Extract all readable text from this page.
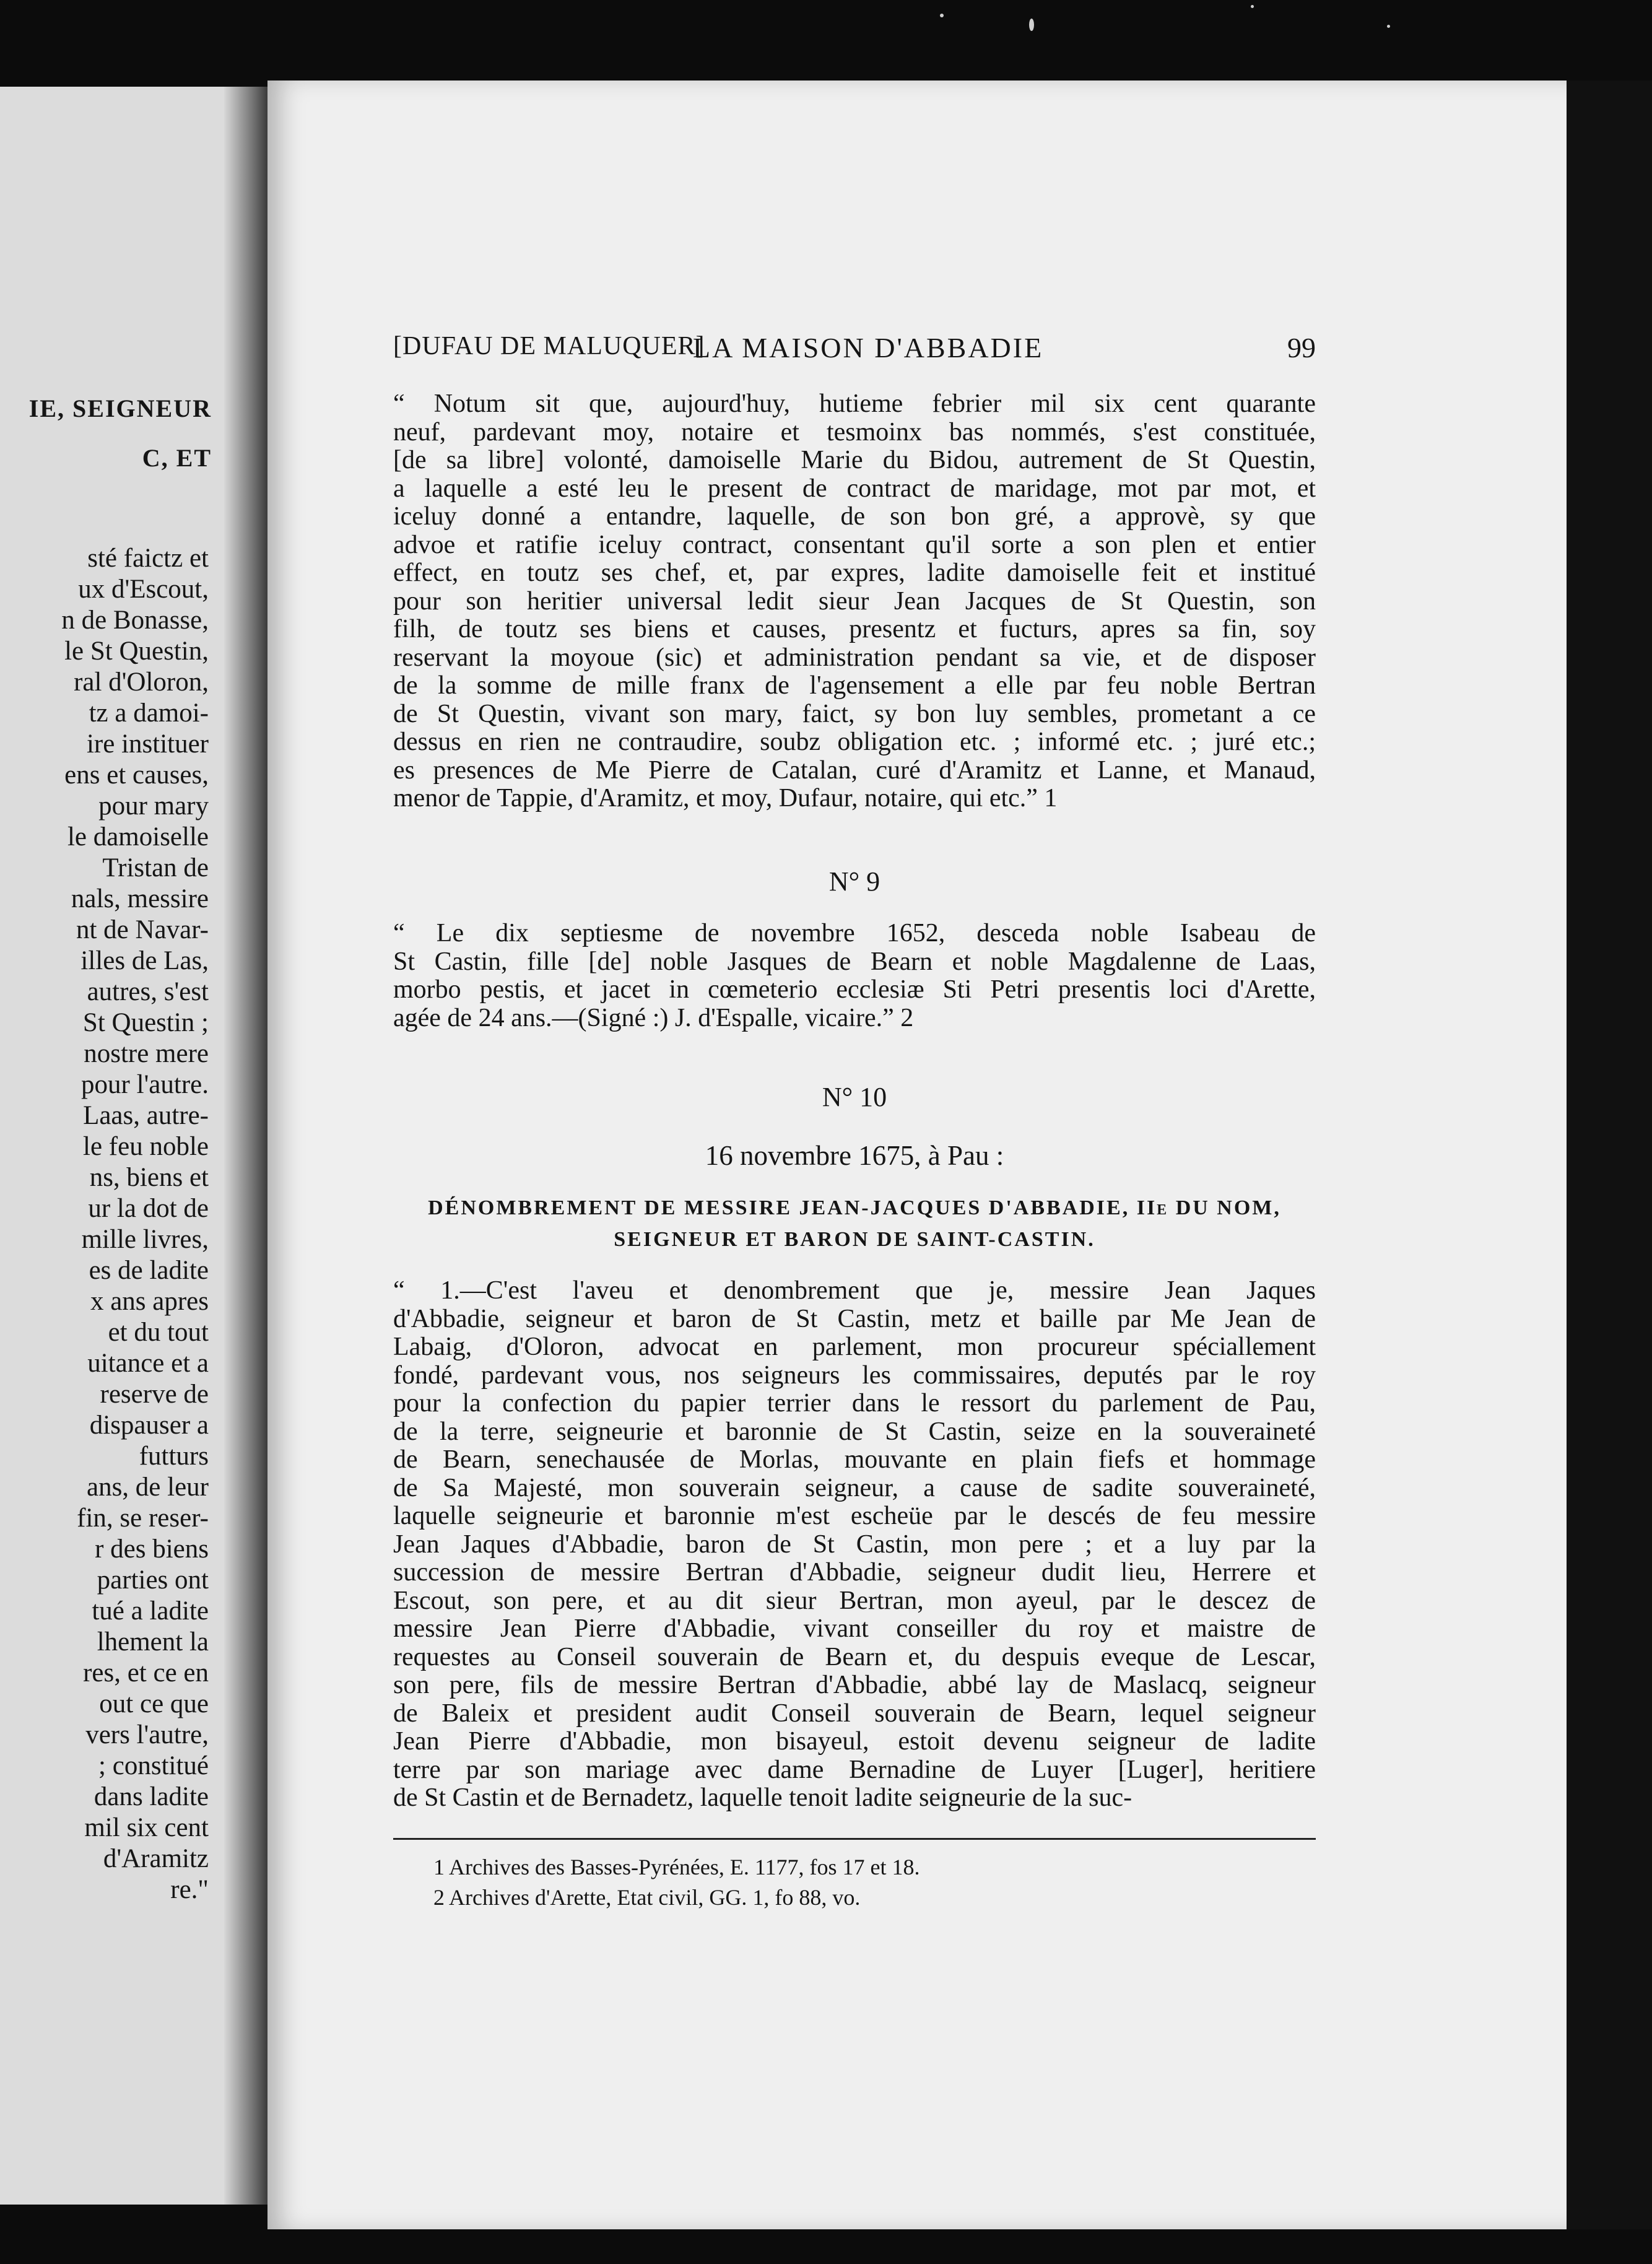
IE, SEIGNEUR
C, ET
sté faictz et
ux d'Escout,
n de Bonasse,
le St Questin,
ral d'Oloron,
tz a damoi-
ire instituer
ens et causes,
pour mary
le damoiselle
Tristan de
nals, messire
nt de Navar-
illes de Las,
autres, s'est
St Questin ;
nostre mere
pour l'autre.
Laas, autre-
le feu noble
ns, biens et
ur la dot de
mille livres,
es de ladite
x ans apres
et du tout
uitance et a
reserve de
dispauser a
futturs
ans, de leur
fin, se reser-
r des biens
parties ont
tué a ladite
lhement la
res, et ce en
out ce que
vers l'autre,
; constitué
dans ladite
mil six cent
d'Aramitz
re."
[DUFAU DE MALUQUER]
LA MAISON D'ABBADIE	99
“ Notum sit que, aujourd'huy, hutieme febrier mil six cent quarante
neuf, pardevant moy, notaire et tesmoinx bas nommés, s'est constituée,
[de sa libre] volonté, damoiselle Marie du Bidou, autrement de St Questin,
a laquelle a esté leu le present de contract de maridage, mot par mot, et
iceluy donné a entandre, laquelle, de son bon gré, a approvè, sy que
advoe et ratifie iceluy contract, consentant qu'il sorte a son plen et entier
effect, en toutz ses chef, et, par expres, ladite damoiselle feit et institué
pour son heritier universal ledit sieur Jean Jacques de St Questin, son
filh, de toutz ses biens et causes, presentz et fucturs, apres sa fin, soy
reservant la moyoue (sic) et administration pendant sa vie, et de disposer
de la somme de mille franx de l'agensement a elle par feu noble Bertran
de St Questin, vivant son mary, faict, sy bon luy sembles, prometant a ce
dessus en rien ne contraudire, soubz obligation etc. ; informé etc. ; juré etc.;
es presences de Me Pierre de Catalan, curé d'Aramitz et Lanne, et Manaud,
menor de Tappie, d'Aramitz, et moy, Dufaur, notaire, qui etc.” 1
N° 9
“ Le dix septiesme de novembre 1652, desceda noble Isabeau de
St Castin, fille [de] noble Jasques de Bearn et noble Magdalenne de Laas,
morbo pestis, et jacet in cœmeterio ecclesiæ Sti Petri presentis loci d'Arette,
agée de 24 ans.—(Signé :) J. d'Espalle, vicaire.” 2
N° 10
16 novembre 1675, à Pau :
DÉNOMBREMENT DE MESSIRE JEAN-JACQUES D'ABBADIE, IIe DU NOM,
SEIGNEUR ET BARON DE SAINT-CASTIN.
“ 1.—C'est l'aveu et denombrement que je, messire Jean Jaques
d'Abbadie, seigneur et baron de St Castin, metz et baille par Me Jean de
Labaig, d'Oloron, advocat en parlement, mon procureur spéciallement
fondé, pardevant vous, nos seigneurs les commissaires, deputés par le roy
pour la confection du papier terrier dans le ressort du parlement de Pau,
de la terre, seigneurie et baronnie de St Castin, seize en la souveraineté
de Bearn, senechausée de Morlas, mouvante en plain fiefs et hommage
de Sa Majesté, mon souverain seigneur, a cause de sadite souveraineté,
laquelle seigneurie et baronnie m'est escheüe par le descés de feu messire
Jean Jaques d'Abbadie, baron de St Castin, mon pere ; et a luy par la
succession de messire Bertran d'Abbadie, seigneur dudit lieu, Herrere et
Escout, son pere, et au dit sieur Bertran, mon ayeul, par le descez de
messire Jean Pierre d'Abbadie, vivant conseiller du roy et maistre de
requestes au Conseil souverain de Bearn et, du despuis eveque de Lescar,
son pere, fils de messire Bertran d'Abbadie, abbé lay de Maslacq, seigneur
de Baleix et president audit Conseil souverain de Bearn, lequel seigneur
Jean Pierre d'Abbadie, mon bisayeul, estoit devenu seigneur de ladite
terre par son mariage avec dame Bernadine de Luyer [Luger], heritiere
de St Castin et de Bernadetz, laquelle tenoit ladite seigneurie de la suc-
1 Archives des Basses-Pyrénées, E. 1177, fos 17 et 18.
2 Archives d'Arette, Etat civil, GG. 1, fo 88, vo.
